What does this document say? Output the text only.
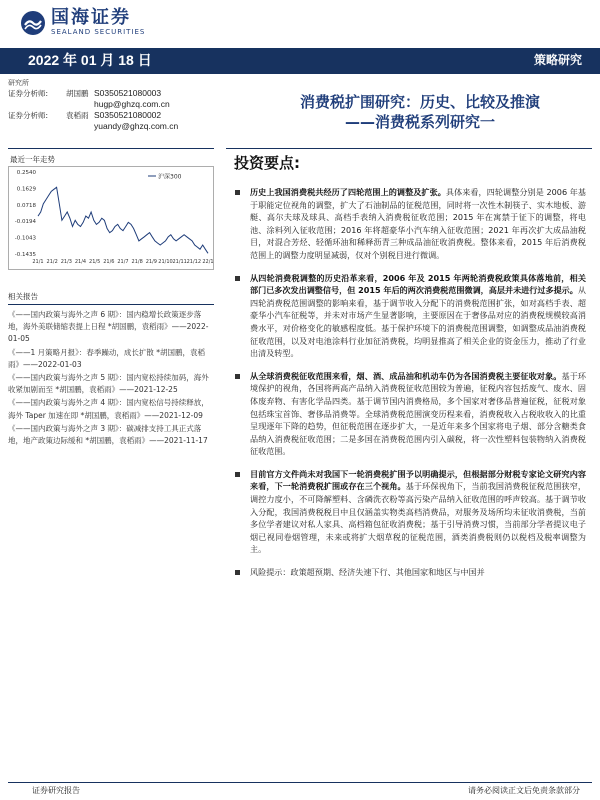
国海证券
SEALAND SECURITIES
2022 年 01 月 18 日	策略研究
研究所
证券分析师:	胡国鹏 S0350521080003
hugp@ghzq.com.cn
证券分析师:	袁稻雨 S0350521080002
yuandy@ghzq.com.cn
消费税扩围研究：历史、比较及推演
——消费税系列研究一
最近一年走势
0.2540
0.1629
0.0718
-0.0194
-0.1043
-0.1435
21/1 21/2 21/3 21/4 21/5 21/6 21/7 21/8 21/9 21/10 21/11 21/12 22/1
沪深300
投资要点:
相关报告
《——国内政策与海外之声 6 期》：国内稳增长政策逐步落地，海外美联储缩表提上日程 *胡国鹏，袁稻雨》——2022-01-05
《——1 月策略月报》：春季躁动，成长扩散 *胡国鹏，袁稻雨》——2022-01-03
《——国内政策与海外之声 5 期》：国内宽松持续加码，海外收紧加剧而至 *胡国鹏，袁稻雨》——2021-12-25
《——国内政策与海外之声 4 期》：国内宽松信号持续释放，海外 Taper 加速在即 *胡国鹏，袁稻雨》——2021-12-09
《——国内政策与海外之声 3 期》：碳减排支持工具正式落地，地产政策边际缓和 *胡国鹏，袁稻雨》——2021-11-17
历史上我国消费税共经历了四轮范围上的调整及扩张。具体来看，四轮调整分别是 2006 年基于职能定位视角的调整，扩大了石油制品的征税范围，同时将一次性木制筷子、实木地板、游艇、高尔夫球及球具、高档手表纳入消费税征收范围；2015 年在寓禁于征下的调整，将电池、涂料列入征收范围；2016 年将超豪华小汽车纳入征收范围；2021 年再次扩大成品油税目，对混合芳烃、轻循环油和稀释沥青三种成品油征收消费税。整体来看，2015 年后消费税范围上的调整力度明显减弱，仅对个别税目进行微调。
从四轮消费税调整的历史沿革来看，2006 年及 2015 年两轮消费税政策具体落地前，相关部门已多次发出调整信号，但 2015 年后的两次消费税范围微调，高层并未进行过多提示。从四轮消费税范围调整的影响来看，基于调节收入分配下的消费税范围扩张，如对高档手表、超豪华小汽车征税等，并未对市场产生显著影响，主要原因在于奢侈品对应的消费税规模较高消费水平，对价格变化的敏感程度低。基于保护环境下的消费税范围调整，如调整成品油消费税征收范围，以及对电池涂料行业加征消费税，均明显推高了相关企业的资金压力，推动了行业出清及转型。
从全球消费税征收范围来看，烟、酒、成品油和机动车仍为各国消费税主要征收对象。基于环境保护的视角，各国将两高产品纳入消费税征收范围较为普遍，征税内容包括废气、废水、固体废弃物、有害化学品四类。基于调节国内消费格局，多个国家对奢侈品普遍征税，征税对象包括珠宝首饰、奢侈品消费等。全球消费税范围演变历程来看，消费税收入占税收收入的比重呈现逐年下降的趋势，但征税范围在逐步扩大，一是近年来多个国家将电子烟、部分含糖类食品纳入消费税征收范围；二是多国在消费税范围内引入碳税，将一次性塑料包装物纳入消费税征收范围。
目前官方文件尚未对我国下一轮消费税扩围予以明确提示，但根据部分财税专家论文研究内容来看，下一轮消费税扩围或存在三个视角。基于环保视角下，当前我国消费税征税范围狭窄，调控力度小，不可降解塑料、含磷洗衣粉等高污染产品纳入征收范围的呼声较高。基于调节收入分配，我国消费税税目中且仅涵盖实物类高档消费品，对服务及场所均未征收消费税，当前多位学者建议对私人家具、高档箱包征收消费税；基于引导消费习惯，当前部分学者提议电子烟已视同卷烟管理，未来或将扩大烟草税的征税范围，酒类消费税则仍以税档及税率调整为主。
风险提示：政策超预期、经济失速下行、其他国家和地区与中国并
证券研究报告	请务必阅读正文后免责条款部分
